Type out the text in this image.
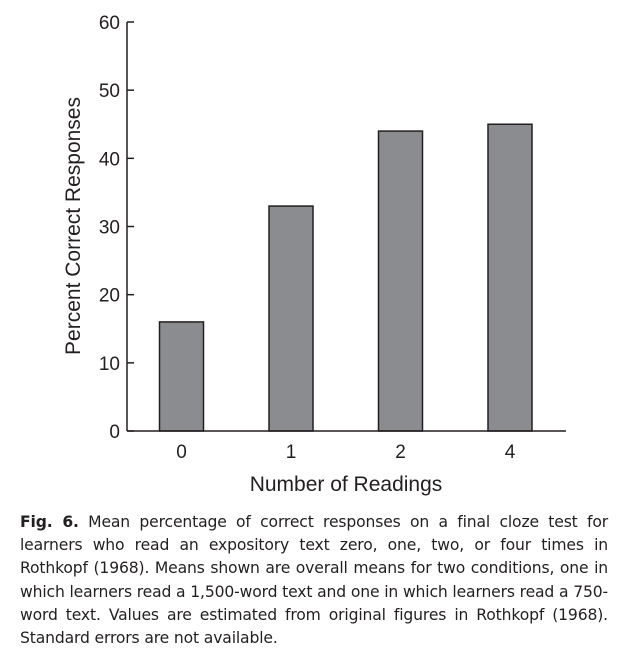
0
10
20
30
40
50
60
0	1	2	4
Percent Correct Responses
Number of Readings
Fig. 6. Mean percentage of correct responses on a final cloze test for learners who read an expository text zero, one, two, or four times in Rothkopf (1968). Means shown are overall means for two conditions, one in which learners read a 1,500-word text and one in which learners read a 750-word text. Values are estimated from original figures in Rothkopf (1968). Standard errors are not available.
